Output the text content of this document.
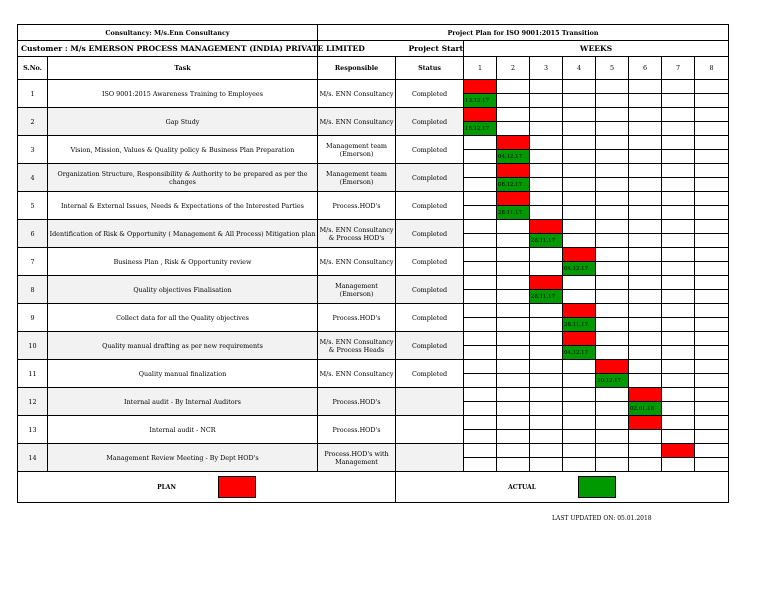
Consultancy: M/s.Enn Consultancy		Project Plan for ISO 9001:2015 Transition									
Customer : M/s EMERSON PROCESS MANAGEMENT (INDIA) PRIVATE LIMITED		Project Start		WEEKS							
S.No.	Task	Responsible	Status	1	2	3	4	5	6	7	8
1	ISO 9001:2015 Awareness Training to Employees	M/s. ENN Consultancy	Completed								

				13.12.17							

2	Gap Study	M/s. ENN Consultancy	Completed								

				15.12.17							

3	Vision, Mission, Values & Quality policy & Business Plan Preparation	Management team (Emerson)	Completed								

					04.12.17						

4	Organization Structure, Responsibility & Authority to be prepared as per the changes	Management team (Emerson)	Completed								

					06.12.17						

5	Internal & External Issues, Needs & Expectations of the Interested Parties	Process.HOD's	Completed								

					28.11.17						

6	Identification of Risk & Opportunity ( Management & All Process) Mitigation plan	M/s. ENN Consultancy & Process HOD's	Completed								

						28.11.17					

7	Business Plan , Risk & Opportunity review	M/s. ENN Consultancy	Completed								

							04.12.17				

8	Quality objectives Finalisation	Management (Emerson)	Completed								

						28.11.17					

9	Collect data for all the Quality objectives	Process.HOD's	Completed								

							28.11.17				

10	Quality manual drafting as per new requirements	M/s. ENN Consultancy & Process Heads	Completed								

							04.12.17				

11	Quality manual finalization	M/s. ENN Consultancy	Completed								

								20.12.17			

12	Internal audit - By Internal Auditors	Process.HOD's									

									02.01.18		

13	Internal audit - NCR	Process.HOD's									

14	Management Review Meeting - By Dept HOD's	Process.HOD's with Management									

PLAN			ACTUAL								
LAST UPDATED ON: 05.01.2018
